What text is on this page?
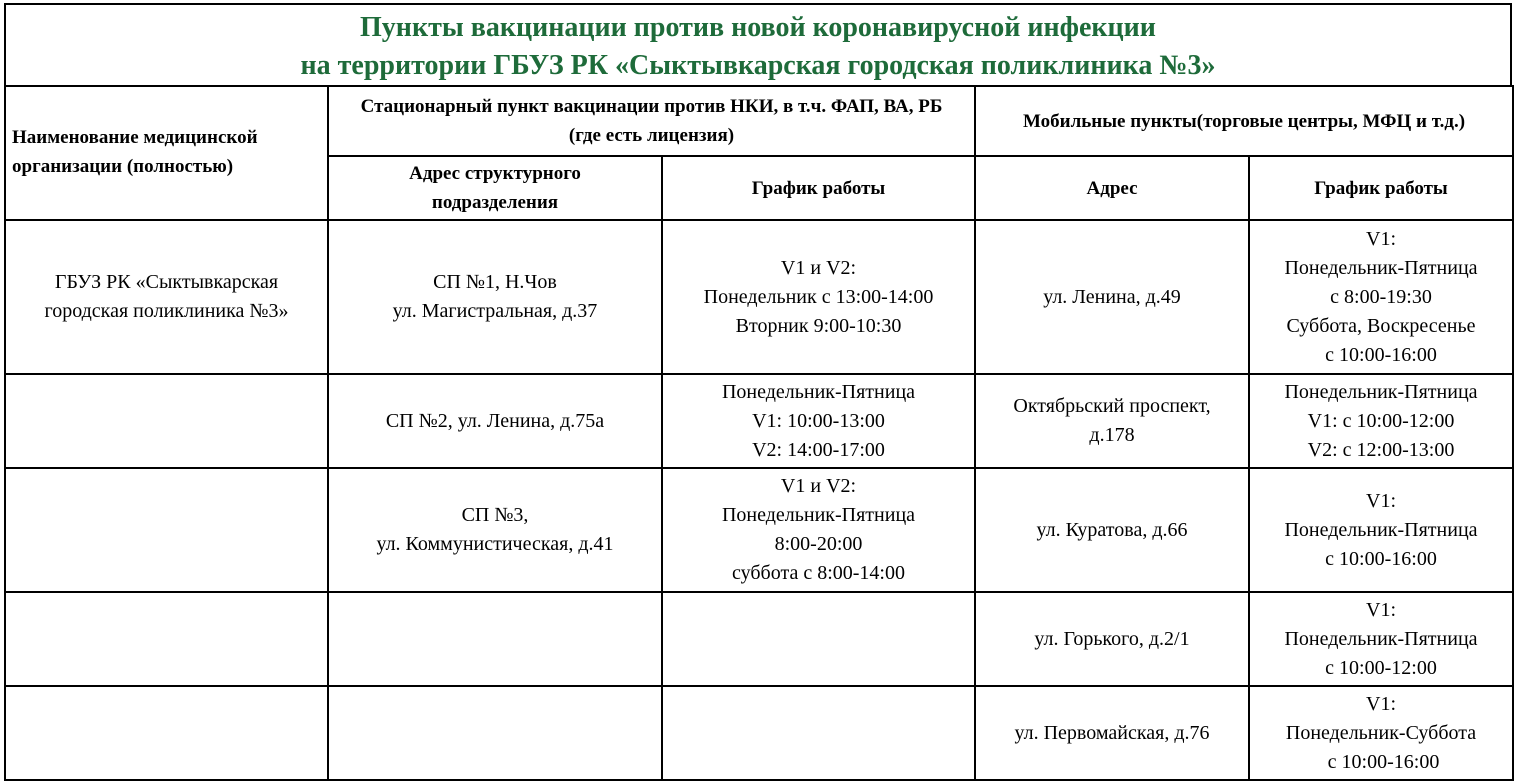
Пункты вакцинации против новой коронавирусной инфекции
на территории ГБУЗ РК «Сыктывкарская городская поликлиника №3»
Наименование медицинской организации (полностью)	Стационарный пункт вакцинации против НКИ, в т.ч. ФАП, ВА, РБ (где есть лицензия)		Мобильные пункты(торговые центры, МФЦ и т.д.)	
	Адрес структурного подразделения	График работы	Адрес	График работы

ГБУЗ РК «Сыктывкарская
городская поликлиника №3»	СП №1, Н.Чов
ул. Магистральная, д.37	V1 и V2:
Понедельник с 13:00-14:00
Вторник 9:00-10:30	ул. Ленина, д.49	V1:
Понедельник-Пятница
с 8:00-19:30
Суббота, Воскресенье
с 10:00-16:00

	СП №2, ул. Ленина, д.75а	Понедельник-Пятница
V1: 10:00-13:00
V2: 14:00-17:00	Октябрьский проспект,
д.178	Понедельник-Пятница
V1: с 10:00-12:00
V2: с 12:00-13:00

	СП №3,
ул. Коммунистическая, д.41	V1 и V2:
Понедельник-Пятница
8:00-20:00
суббота с 8:00-14:00	ул. Куратова, д.66	V1:
Понедельник-Пятница
с 10:00-16:00

			ул. Горького, д.2/1	V1:
Понедельник-Пятница
с 10:00-12:00

			ул. Первомайская, д.76	V1:
Понедельник-Суббота
с 10:00-16:00
